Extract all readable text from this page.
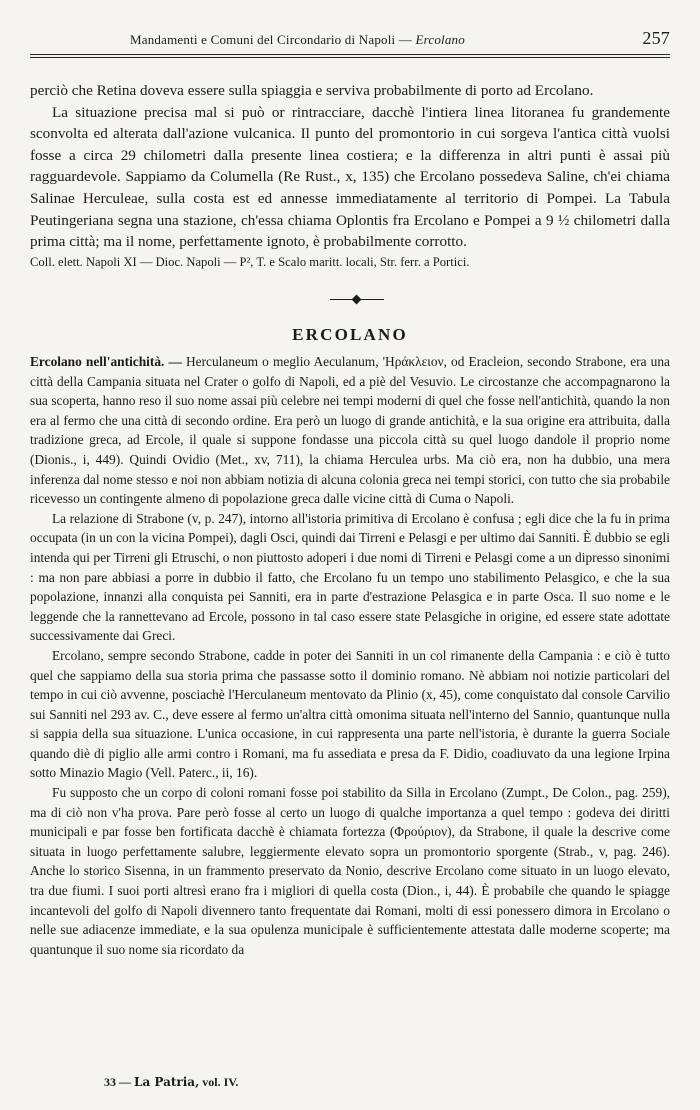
Mandamenti e Comuni del Circondario di Napoli — Ercolano	257

perciò che Retina doveva essere sulla spiaggia e serviva probabilmente di porto ad Ercolano.

La situazione precisa mal si può or rintracciare, dacchè l'intiera linea litoranea fu grandemente sconvolta ed alterata dall'azione vulcanica. Il punto del promontorio in cui sorgeva l'antica città vuolsi fosse a circa 29 chilometri dalla presente linea costiera; e la differenza in altri punti è assai più ragguardevole. Sappiamo da Columella (Re Rust., x, 135) che Ercolano possedeva Saline, ch'ei chiama Salinae Herculeae, sulla costa est ed annesse immediatamente al territorio di Pompei. La Tabula Peutingeriana segna una stazione, ch'essa chiama Oplontis fra Ercolano e Pompei a 9 ½ chilometri dalla prima città; ma il nome, perfettamente ignoto, è probabilmente corrotto.

Coll. elett. Napoli XI — Dioc. Napoli — P², T. e Scalo maritt. locali, Str. ferr. a Portici.

ERCOLANO

Ercolano nell'antichità. — Herculaneum o meglio Aeculanum, 'Ηράκλειον, od Eracleion, secondo Strabone, era una città della Campania situata nel Crater o golfo di Napoli, ed a piè del Vesuvio. Le circostanze che accompagnarono la sua scoperta, hanno reso il suo nome assai più celebre nei tempi moderni di quel che fosse nell'antichità, quando la non era al fermo che una città di secondo ordine. Era però un luogo di grande antichità, e la sua origine era attribuita, dalla tradizione greca, ad Ercole, il quale si suppone fondasse una piccola città su quel luogo dandole il proprio nome (Dionis., i, 449). Quindi Ovidio (Met., xv, 711), la chiama Herculea urbs. Ma ciò era, non ha dubbio, una mera inferenza dal nome stesso e noi non abbiam notizia di alcuna colonia greca nei tempi storici, con tutto che sia probabile ricevesso un contingente almeno di popolazione greca dalle vicine città di Cuma o Napoli.

La relazione di Strabone (v, p. 247), intorno all'istoria primitiva di Ercolano è confusa ; egli dice che la fu in prima occupata (in un con la vicina Pompei), dagli Osci, quindi dai Tirreni e Pelasgi e per ultimo dai Sanniti. È dubbio se egli intenda qui per Tirreni gli Etruschi, o non piuttosto adoperi i due nomi di Tirreni e Pelasgi come a un dipresso sinonimi : ma non pare abbiasi a porre in dubbio il fatto, che Ercolano fu un tempo uno stabilimento Pelasgico, e che la sua popolazione, innanzi alla conquista pei Sanniti, era in parte d'estrazione Pelasgica e in parte Osca. Il suo nome e le leggende che la rannettevano ad Ercole, possono in tal caso essere state Pelasgiche in origine, ed essere state adottate successivamente dai Greci.

Ercolano, sempre secondo Strabone, cadde in poter dei Sanniti in un col rimanente della Campania : e ciò è tutto quel che sappiamo della sua storia prima che passasse sotto il dominio romano. Nè abbiam noi notizie particolari del tempo in cui ciò avvenne, posciachè l'Herculaneum mentovato da Plinio (x, 45), come conquistato dal console Carvilio sui Sanniti nel 293 av. C., deve essere al fermo un'altra città omonima situata nell'interno del Sannio, quantunque nulla si sappia della sua situazione. L'unica occasione, in cui rappresenta una parte nell'istoria, è durante la guerra Sociale quando diè di piglio alle armi contro i Romani, ma fu assediata e presa da F. Didio, coadiuvato da una legione Irpina sotto Minazio Magio (Vell. Paterc., ii, 16).

Fu supposto che un corpo di coloni romani fosse poi stabilito da Silla in Ercolano (Zumpt., De Colon., pag. 259), ma di ciò non v'ha prova. Pare però fosse al certo un luogo di qualche importanza a quel tempo : godeva dei diritti municipali e par fosse ben fortificata dacchè è chiamata fortezza (Φρούριον), da Strabone, il quale la descrive come situata in luogo perfettamente salubre, leggiermente elevato sopra un promontorio sporgente (Strab., v, pag. 246). Anche lo storico Sisenna, in un frammento preservato da Nonio, descrive Ercolano come situato in un luogo elevato, tra due fiumi. I suoi porti altresì erano fra i migliori di quella costa (Dion., i, 44). È probabile che quando le spiagge incantevoli del golfo di Napoli divennero tanto frequentate dai Romani, molti di essi ponessero dimora in Ercolano o nelle sue adiacenze immediate, e la sua opulenza municipale è sufficientemente attestata dalle moderne scoperte; ma quantunque il suo nome sia ricordato da

33 — La Patria, vol. IV.
